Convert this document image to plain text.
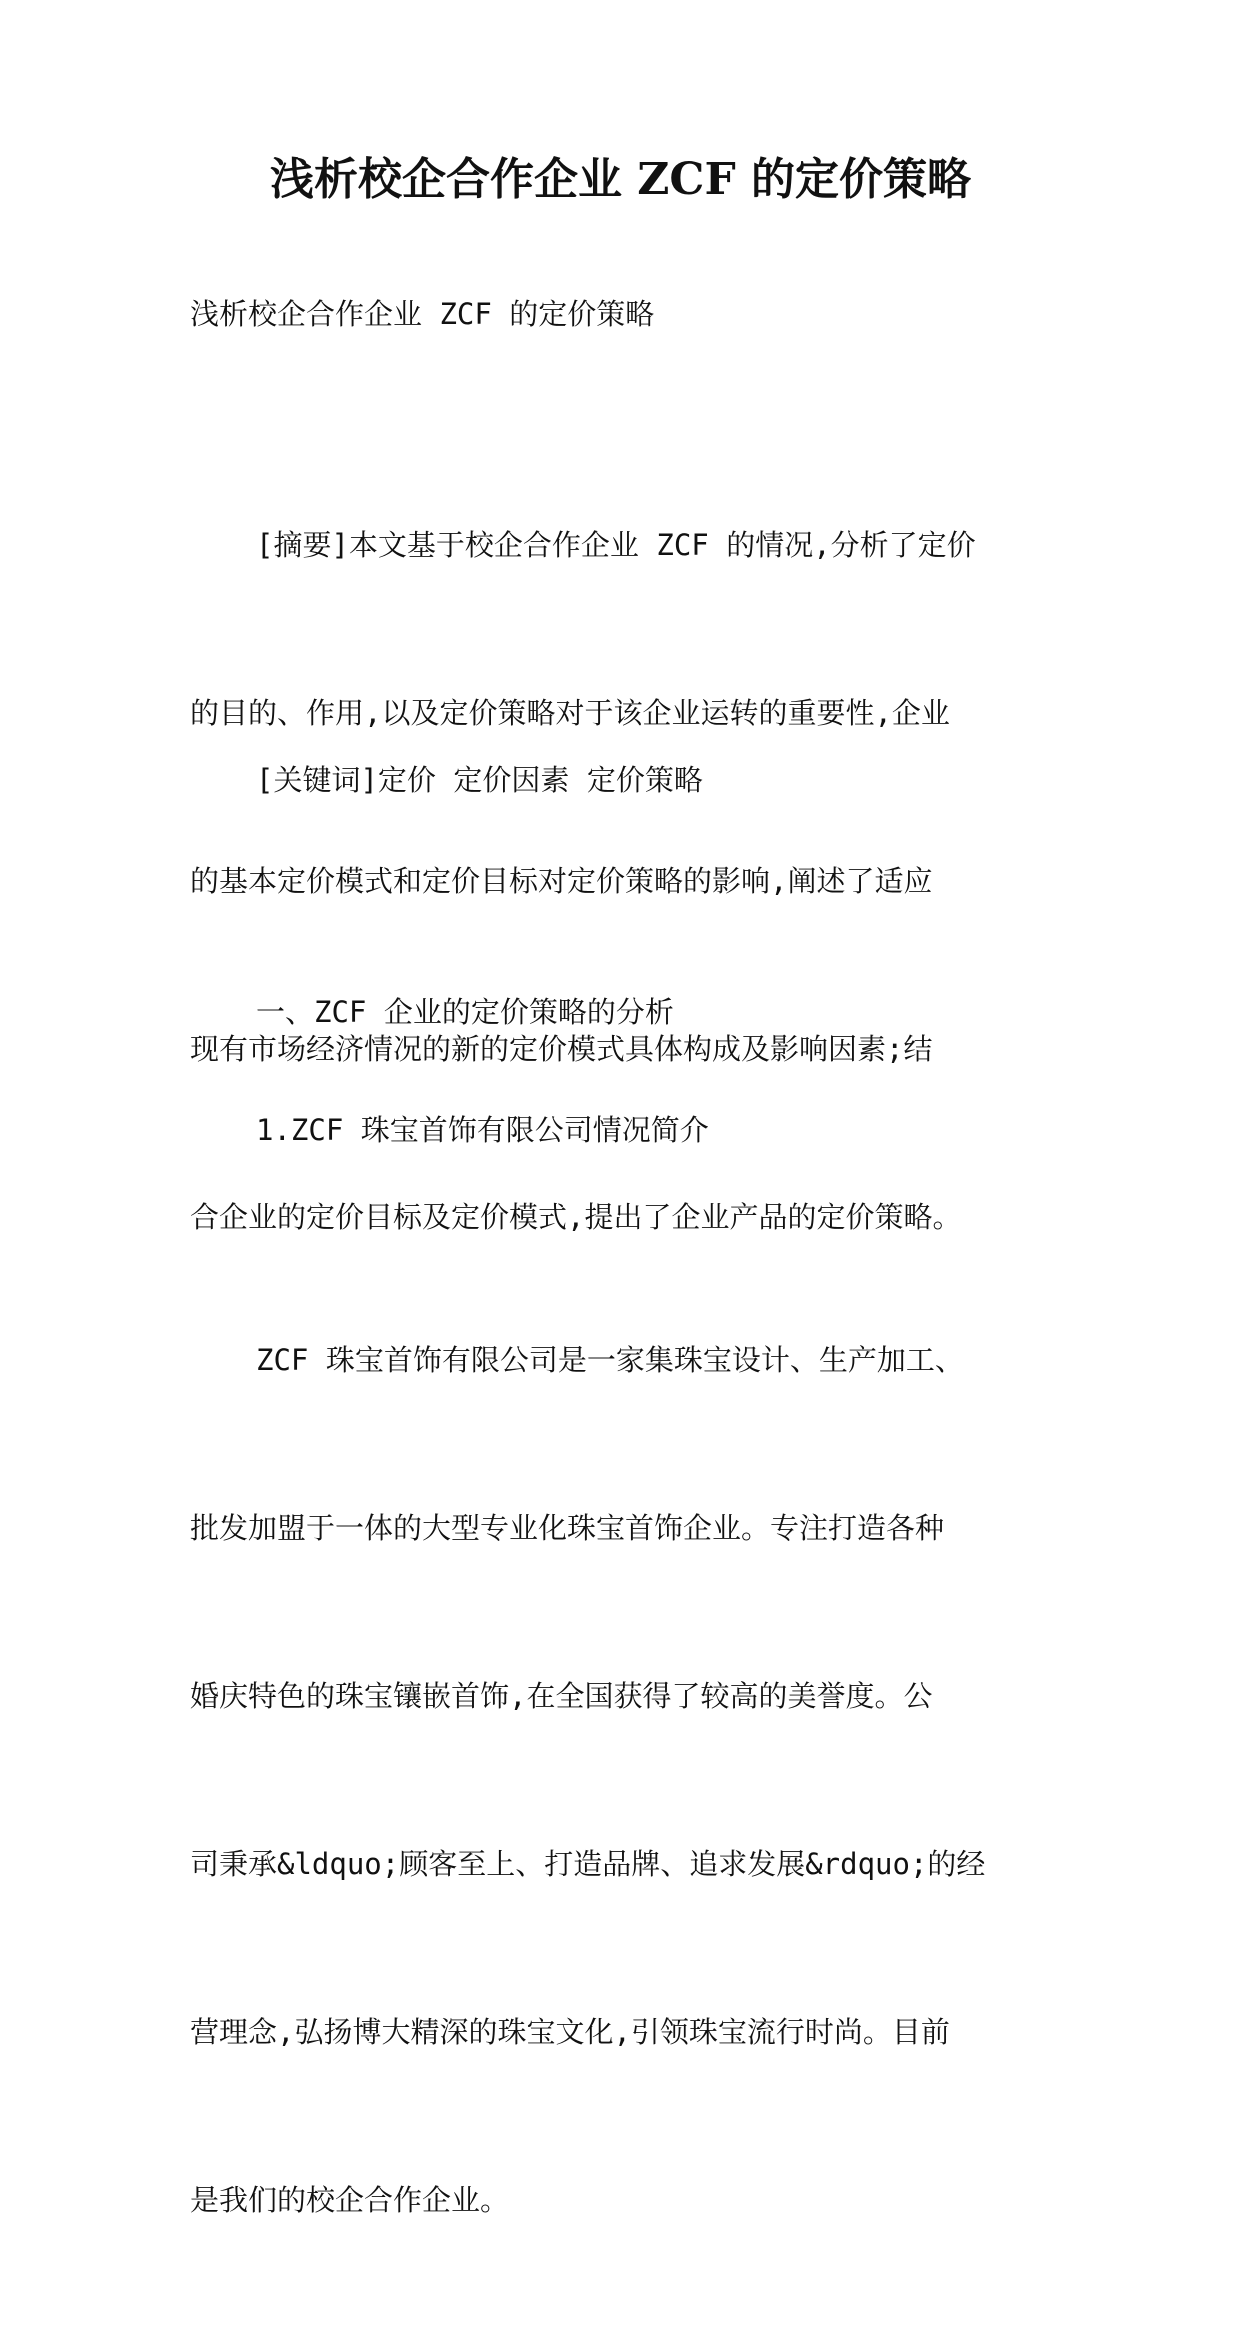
浅析校企合作企业 ZCF 的定价策略

浅析校企合作企业 ZCF 的定价策略

[摘要]本文基于校企合作企业 ZCF 的情况,分析了定价

的目的、作用,以及定价策略对于该企业运转的重要性,企业

的基本定价模式和定价目标对定价策略的影响,阐述了适应

现有市场经济情况的新的定价模式具体构成及影响因素;结

合企业的定价目标及定价模式,提出了企业产品的定价策略。

[关键词]定价 定价因素 定价策略

一、ZCF 企业的定价策略的分析

1.ZCF 珠宝首饰有限公司情况简介

ZCF 珠宝首饰有限公司是一家集珠宝设计、生产加工、

批发加盟于一体的大型专业化珠宝首饰企业。专注打造各种

婚庆特色的珠宝镶嵌首饰,在全国获得了较高的美誉度。公

司秉承&ldquo;顾客至上、打造品牌、追求发展&rdquo;的经

营理念,弘扬博大精深的珠宝文化,引领珠宝流行时尚。目前

是我们的校企合作企业。
